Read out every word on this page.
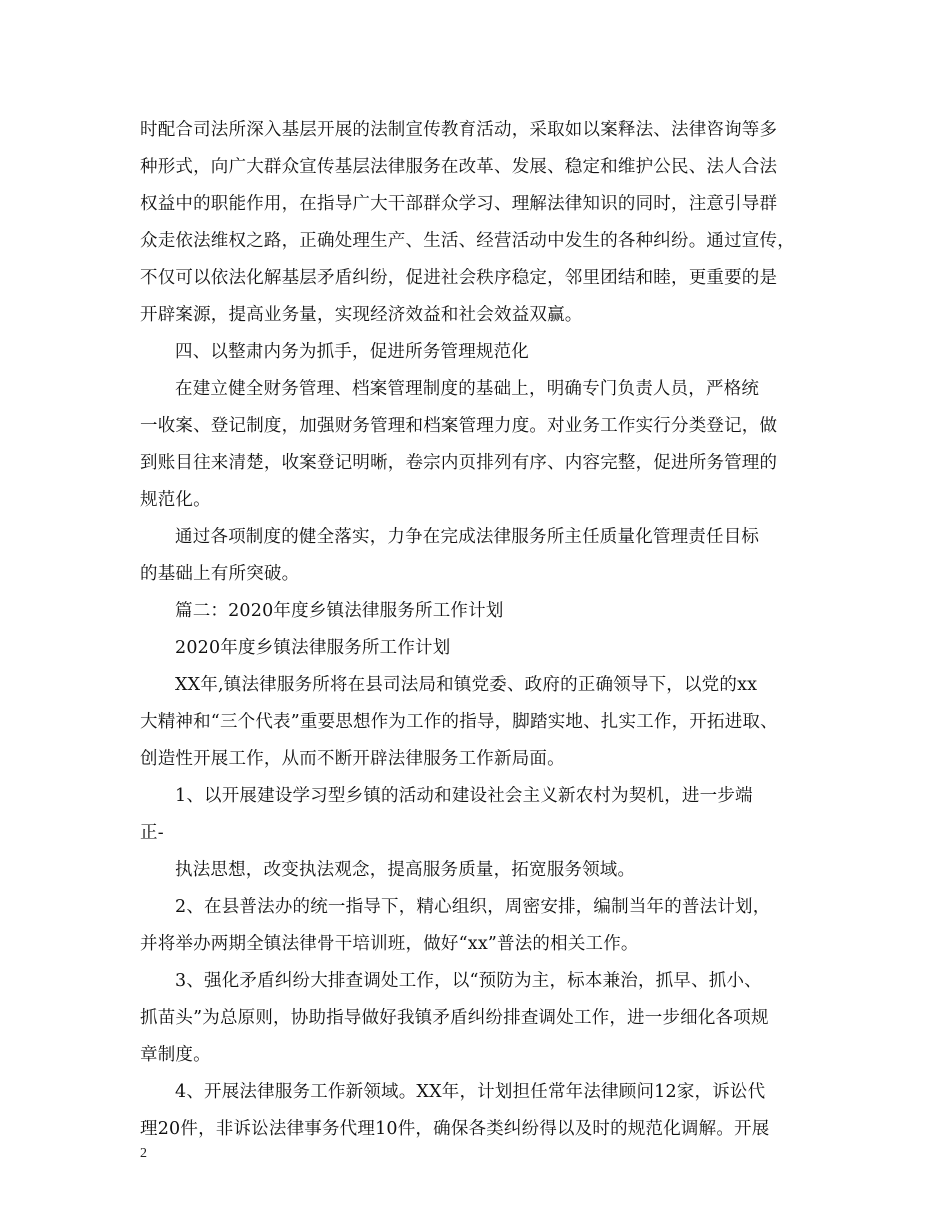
时配合司法所深入基层开展的法制宣传教育活动，采取如以案释法、法律咨询等多
种形式，向广大群众宣传基层法律服务在改革、发展、稳定和维护公民、法人合法
权益中的职能作用，在指导广大干部群众学习、理解法律知识的同时，注意引导群
众走依法维权之路，正确处理生产、生活、经营活动中发生的各种纠纷。通过宣传，
不仅可以依法化解基层矛盾纠纷，促进社会秩序稳定，邻里团结和睦，更重要的是
开辟案源，提高业务量，实现经济效益和社会效益双赢。
四、以整肃内务为抓手，促进所务管理规范化
在建立健全财务管理、档案管理制度的基础上，明确专门负责人员，严格统
一收案、登记制度，加强财务管理和档案管理力度。对业务工作实行分类登记，做
到账目往来清楚，收案登记明晰，卷宗内页排列有序、内容完整，促进所务管理的
规范化。
通过各项制度的健全落实，力争在完成法律服务所主任质量化管理责任目标
的基础上有所突破。
篇二：2020年度乡镇法律服务所工作计划
2020年度乡镇法律服务所工作计划
XX年,镇法律服务所将在县司法局和镇党委、政府的正确领导下，以党的xx
大精神和“三个代表”重要思想作为工作的指导，脚踏实地、扎实工作，开拓进取、
创造性开展工作，从而不断开辟法律服务工作新局面。
1、以开展建设学习型乡镇的活动和建设社会主义新农村为契机，进一步端
正-
执法思想，改变执法观念，提高服务质量，拓宽服务领域。
2、在县普法办的统一指导下，精心组织，周密安排，编制当年的普法计划，
并将举办两期全镇法律骨干培训班，做好“xx”普法的相关工作。
3、强化矛盾纠纷大排查调处工作，以“预防为主，标本兼治，抓早、抓小、
抓苗头”为总原则，协助指导做好我镇矛盾纠纷排查调处工作，进一步细化各项规
章制度。
4、开展法律服务工作新领域。XX年，计划担任常年法律顾问12家，诉讼代
理20件，非诉讼法律事务代理10件，确保各类纠纷得以及时的规范化调解。开展
2
